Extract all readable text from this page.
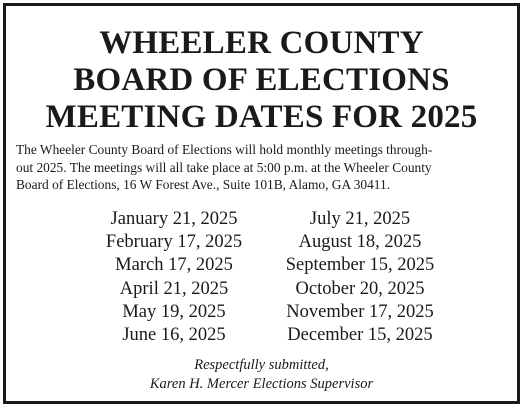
WHEELER COUNTY
BOARD OF ELECTIONS
MEETING DATES FOR 2025
The Wheeler County Board of Elections will hold monthly meetings through-
out 2025. The meetings will all take place at 5:00 p.m. at the Wheeler County
Board of Elections, 16 W Forest Ave., Suite 101B, Alamo, GA 30411.
January 21, 2025
February 17, 2025
March 17, 2025
April 21, 2025
May 19, 2025
June 16, 2025
July 21, 2025
August 18, 2025
September 15, 2025
October 20, 2025
November 17, 2025
December 15, 2025
Respectfully submitted,
Karen H. Mercer Elections Supervisor
